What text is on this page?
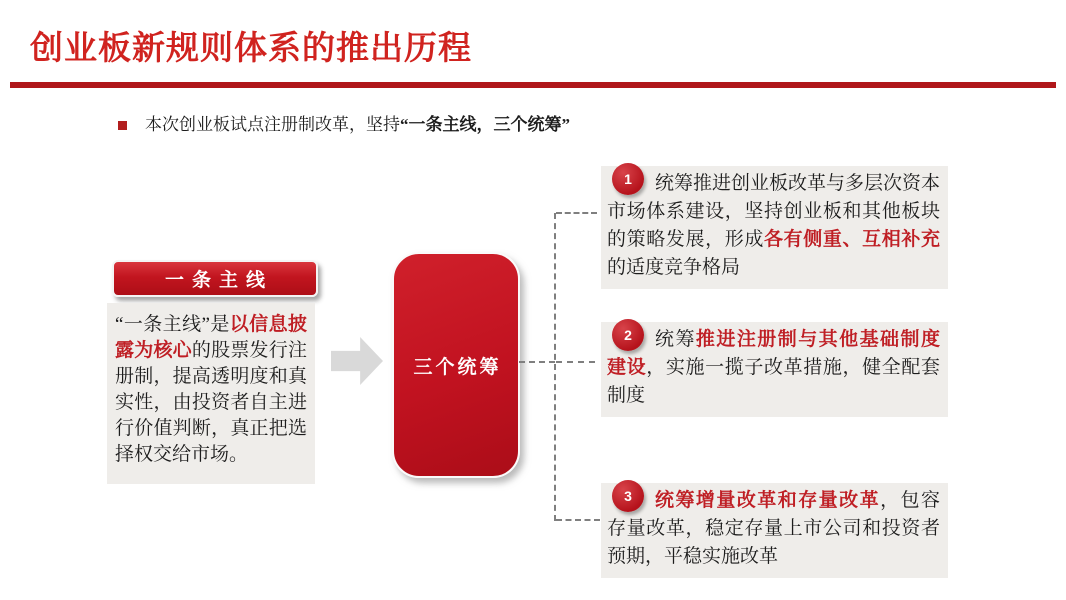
创业板新规则体系的推出历程
本次创业板试点注册制改革，坚持“一条主线，三个统筹”
一条主线
“一条主线”是以信息披露为核心的股票发行注册制，提高透明度和真实性，由投资者自主进行价值判断，真正把选择权交给市场。
三个统筹
1	统筹推进创业板改革与多层次资本市场体系建设，坚持创业板和其他板块的策略发展，形成各有侧重、互相补充的适度竞争格局

2	统筹推进注册制与其他基础制度建设，实施一揽子改革措施，健全配套制度

3	统筹增量改革和存量改革，包容存量改革，稳定存量上市公司和投资者预期，平稳实施改革
